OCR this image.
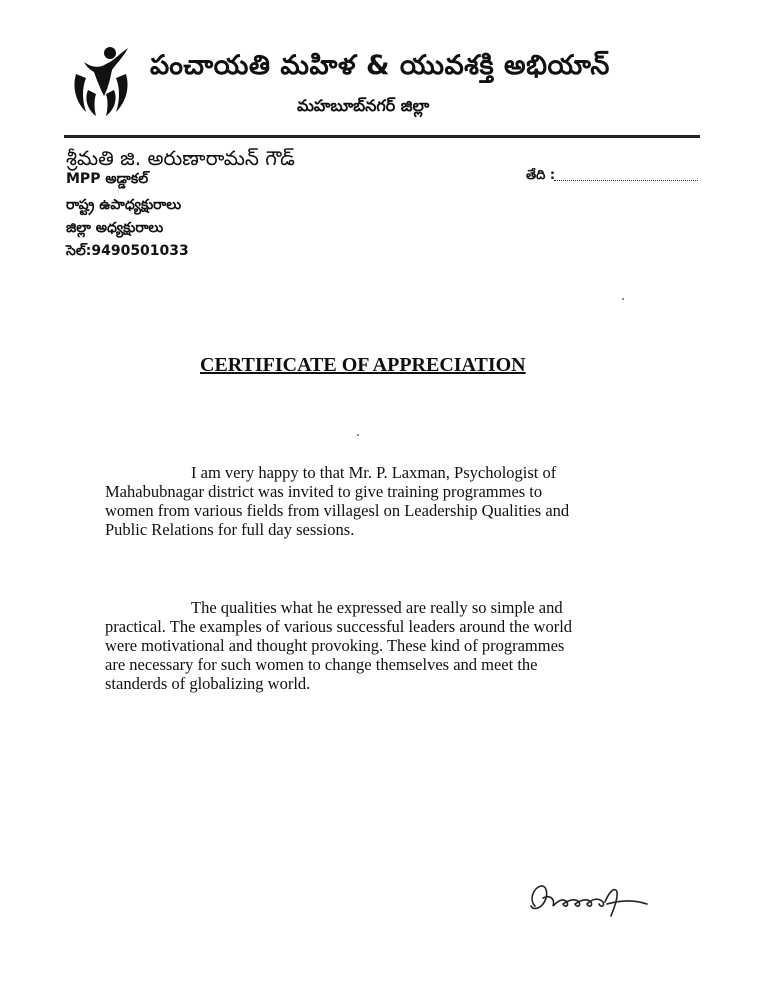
పంచాయతి మహిళ & యువశక్తి అభియాన్
మహబూబ్‌నగర్ జిల్లా
శ్రీమతి జి. అరుణారామన్ గౌడ్
MPP అడ్డాకల్
రాష్ట్ర ఉపాధ్యక్షురాలు
జిల్లా అధ్యక్షురాలు
సెల్:9490501033
తేది :
CERTIFICATE OF APPRECIATION
I am very happy to that Mr. P. Laxman, Psychologist of
Mahabubnagar district was invited to give training programmes to
women from various fields from villagesl on Leadership Qualities and
Public Relations for full day sessions.
The qualities what he expressed are really so simple and
practical. The examples of various successful leaders around the world
were motivational and thought provoking. These kind of programmes
are necessary for such women to change themselves and meet the
standerds of globalizing world.
